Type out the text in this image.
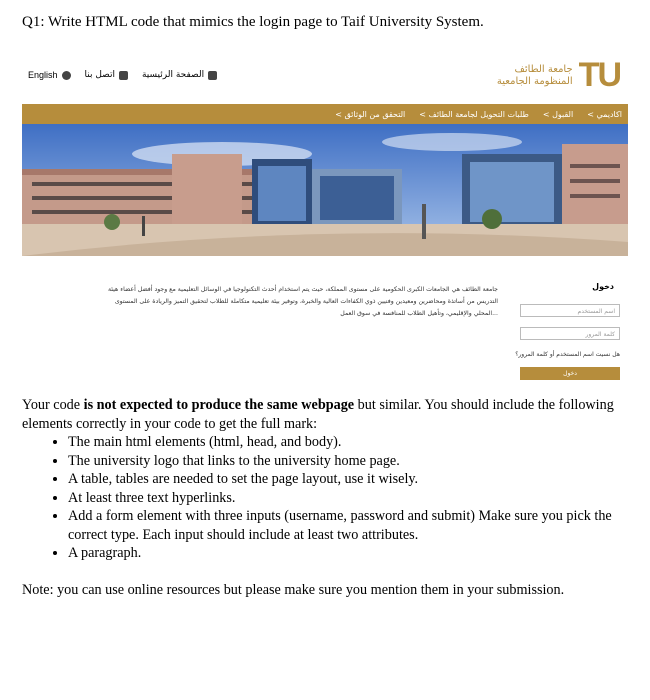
Q1: Write HTML code that mimics the login page to Taif University System.
English	اتصل بنا	الصفحة الرئيسية
جامعة الطائف
المنظومة الجامعية TU
< التحقق من الوثائق < طلبات التحويل لجامعة الطائف < القبول < اكاديمي
جامعة الطائف هي الجامعات الكبرى الحكومية على مستوى المملكة، حيث يتم استخدام أحدث التكنولوجيا في الوسائل التعليمية مع وجود أفضل أعضاء هيئة التدريس من أساتذة ومحاضرين ومعيدين وفنيين ذوي الكفاءات العالية والخبرة، وتوفير بيئة تعليمية متكاملة للطلاب لتحقيق التميز والريادة على المستوى المحلي والإقليمي، وتأهيل الطلاب للمنافسة في سوق العمل...
دخول
اسم المستخدم
كلمة المرور
هل نسيت اسم المستخدم أو كلمة المرور؟
دخول
Your code is not expected to produce the same webpage but similar. You should include the following elements correctly in your code to get the full mark:
• The main html elements (html, head, and body).
• The university logo that links to the university home page.
• A table, tables are needed to set the page layout, use it wisely.
• At least three text hyperlinks.
• Add a form element with three inputs (username, password and submit) Make sure you pick the correct type. Each input should include at least two attributes.
• A paragraph.
Note: you can use online resources but please make sure you mention them in your submission.
